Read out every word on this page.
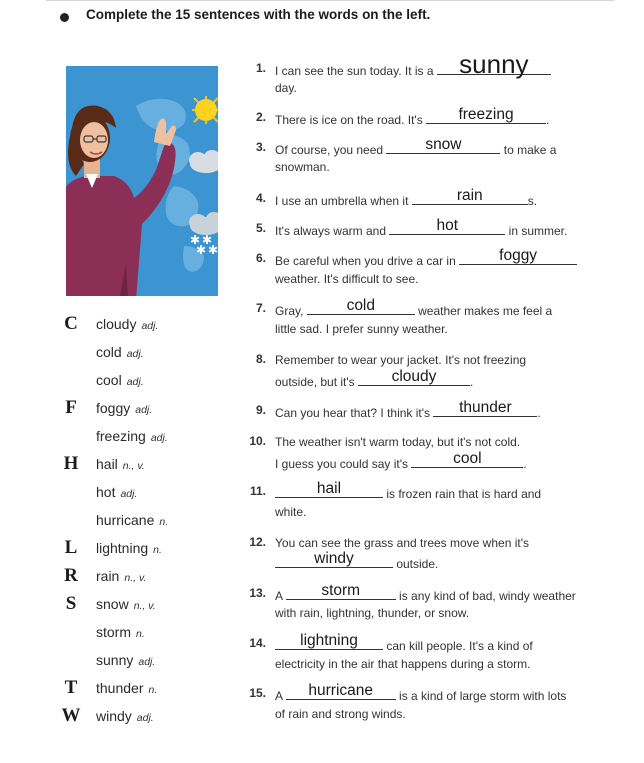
Complete the 15 sentences with the words on the left.
✱ ✱
✱ ✱
C cloudy adj.
cold adj.
cool adj.
F	foggy adj.
freezing adj.
H hail n., v.
hot adj.
hurricane n.
L	lightning n.
R rain n., v.
S	snow n., v.
storm n.
sunny adj.
T	thunder n.
W windy adj.
1. I can see the sun today. It is a sunny
day.
2. There is ice on the road. It's	freezing	.
3. Of course, you need	snow	to make a
snowman.
4. I use an umbrella when it	rain	s.
5. It's always warm and	hot	in summer.
6. Be careful when you drive a car in	foggy
weather. It's difficult to see.
7. Gray,	cold	weather makes me feel a
little sad. I prefer sunny weather.
8. Remember to wear your jacket. It's not freezing
outside, but it's	cloudy	.
9. Can you hear that? I think it's	thunder	.
10. The weather isn't warm today, but it's not cold.
I guess you could say it's	cool	.
11.	hail	is frozen rain that is hard and
white.
12. You can see the grass and trees move when it's
windy	outside.
13. A	storm	is any kind of bad, windy weather
with rain, lightning, thunder, or snow.
14.	lightning	can kill people. It's a kind of
electricity in the air that happens during a storm.
15. A	hurricane	is a kind of large storm with lots
of rain and strong winds.
